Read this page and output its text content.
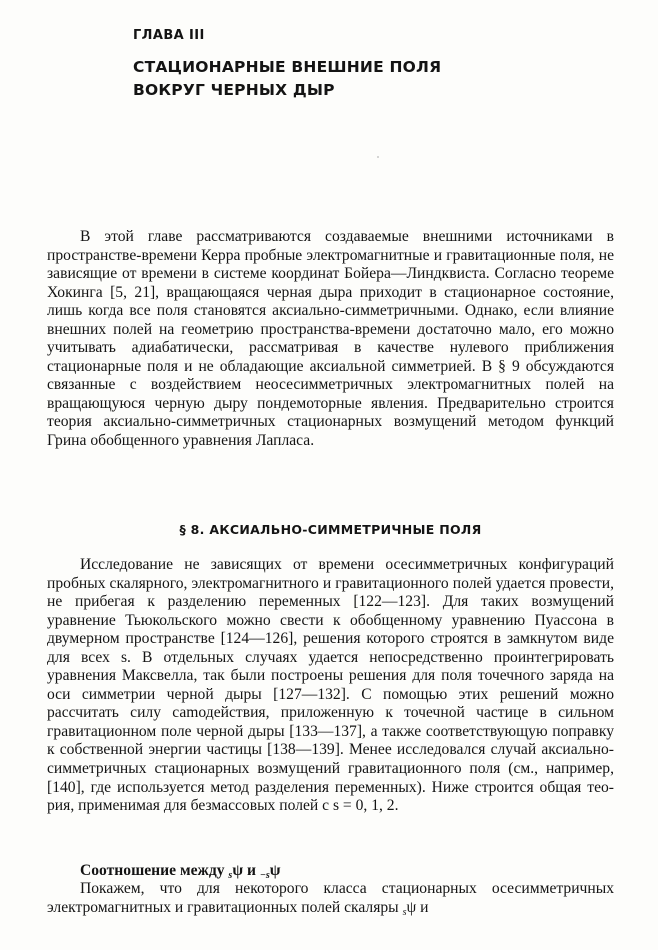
ГЛАВА III
СТАЦИОНАРНЫЕ ВНЕШНИЕ ПОЛЯ
ВОКРУГ ЧЕРНЫХ ДЫР

В этой главе рассматриваются создаваемые внешними источниками в пространстве-времени Керра пробные электромагнитные и гравитационные поля, не зависящие от времени в системе координат Бойера—Линдквиста. Согласно теореме Хокинга [5, 21], вращающаяся черная дыра приходит в стационарное состояние, лишь когда все поля становятся аксиально-симметричными. Однако, если влияние внешних полей на геометрию пространства-времени достаточно мало, его можно учитывать адиабатически, рассматривая в качестве нулевого приближения стационарные поля и не обладающие аксиальной симметрией. В § 9 обсуждаются связанные с воздействием неосесимметричных электромагнитных полей на вращающуюся черную дыру пондемоторные явления. Предварительно строится теория аксиально-симметричных стационарных возмущений методом функций Грина обобщенного уравнения Лапласа.

§ 8. АКСИАЛЬНО-СИММЕТРИЧНЫЕ ПОЛЯ

Исследование не зависящих от времени осесимметричных конфигураций пробных скалярного, электромагнитного и гравитационного полей удается провести, не прибегая к разделению переменных [122—123]. Для таких возмущений уравнение Тьюкольского можно свести к обобщенному уравнению Пуассона в двумерном пространстве [124—126], решения которого строятся в замкнутом виде для всех s. В отдельных случаях удается непосредственно проинтегрировать уравнения Максвелла, так были построены решения для поля точечного заряда на оси симметрии черной дыры [127—132]. С помощью этих решений можно рассчитать силу саmодействия, приложенную к точечной частице в сильном гравитационном поле черной дыры [133—137], а также соответствующую поправку к собственной энергии частицы [138—139]. Менее исследовался случай аксиально-симметричных стационарных возмущений гравитационного поля (см., например, [140], где используется метод разделения переменных). Ниже строится общая теория, применимая для безмассовых полей с s = 0, 1, 2.

Соотношение между $_s$ψ и $_{-s}$ψ

Покажем, что для некоторого класса стационарных осесимметричных электромагнитных и гравитационных полей скаляры $_s$ψ и
